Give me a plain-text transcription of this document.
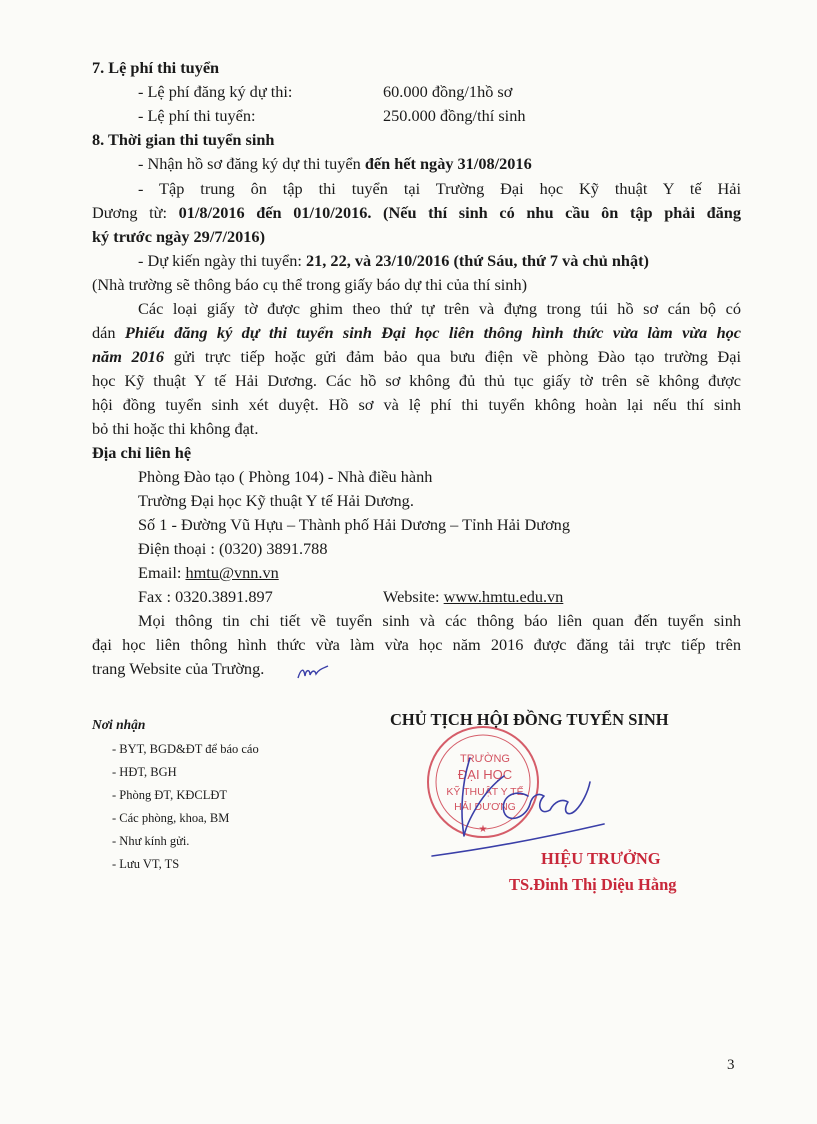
7. Lệ phí thi tuyển
- Lệ phí đăng ký dự thi:	60.000 đồng/1hồ sơ
- Lệ phí thi tuyển:	250.000 đồng/thí sinh
8. Thời gian thi tuyển sinh
- Nhận hồ sơ đăng ký dự thi tuyển đến hết ngày 31/08/2016
- Tập trung ôn tập thi tuyển tại Trường Đại học Kỹ thuật Y tế Hải
Dương từ: 01/8/2016 đến 01/10/2016. (Nếu thí sinh có nhu cầu ôn tập phải đăng
ký trước ngày 29/7/2016)
- Dự kiến ngày thi tuyển: 21, 22, và 23/10/2016 (thứ Sáu, thứ 7 và chủ nhật)
(Nhà trường sẽ thông báo cụ thể trong giấy báo dự thi của thí sinh)
Các loại giấy tờ được ghim theo thứ tự trên và đựng trong túi hồ sơ cán bộ có
dán Phiếu đăng ký dự thi tuyển sinh Đại học liên thông hình thức vừa làm vừa học
năm 2016 gửi trực tiếp hoặc gửi đảm bảo qua bưu điện về phòng Đào tạo trường Đại
học Kỹ thuật Y tế Hải Dương. Các hồ sơ không đủ thủ tục giấy tờ trên sẽ không được
hội đồng tuyển sinh xét duyệt. Hồ sơ và lệ phí thi tuyển không hoàn lại nếu thí sinh
bỏ thi hoặc thi không đạt.
Địa chỉ liên hệ
Phòng Đào tạo ( Phòng 104) - Nhà điều hành
Trường Đại học Kỹ thuật Y tế Hải Dương.
Số 1 - Đường Vũ Hựu – Thành phố Hải Dương – Tỉnh Hải Dương
Điện thoại : (0320) 3891.788
Email: hmtu@vnn.vn
Fax : 0320.3891.897	Website: www.hmtu.edu.vn
Mọi thông tin chi tiết về tuyển sinh và các thông báo liên quan đến tuyển sinh
đại học liên thông hình thức vừa làm vừa học năm 2016 được đăng tải trực tiếp trên
trang Website của Trường.
Nơi nhận
- BYT, BGD&ĐT để báo cáo
- HĐT, BGH
- Phòng ĐT, KĐCLĐT
- Các phòng, khoa, BM
- Như kính gửi.
- Lưu VT, TS
CHỦ TỊCH HỘI ĐỒNG TUYỂN SINH
TRƯỜNG
ĐẠI HỌC
KỸ THUẬT Y TẾ
HẢI DƯƠNG
★
HIỆU TRƯỞNG
TS.Đinh Thị Diệu Hằng
3
